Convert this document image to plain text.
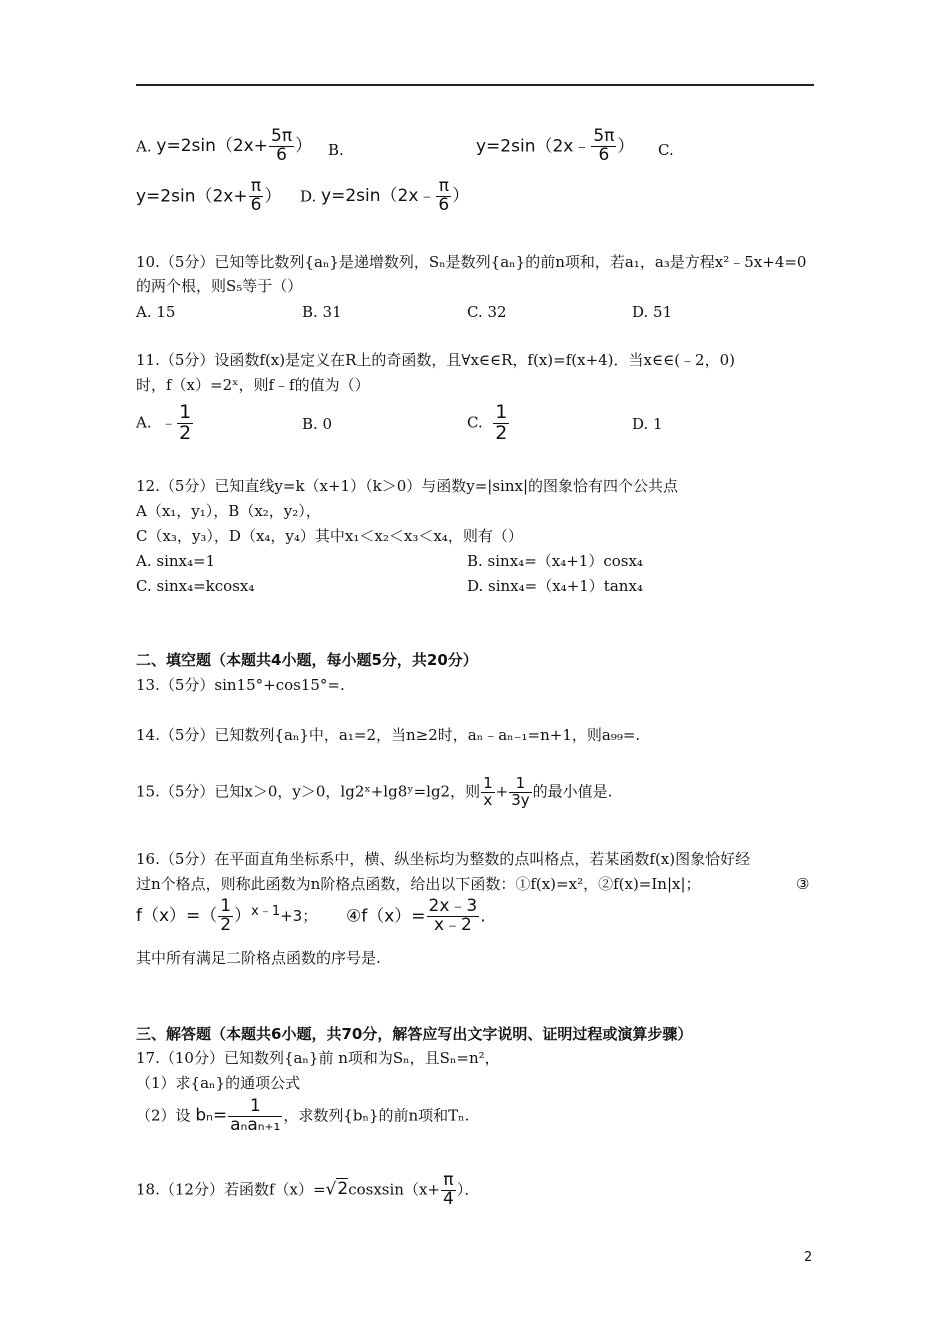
A. $y=2\sin(2x+ \frac{5\pi}{6}$ ） B.	y=2sin（2x﹣ $\frac{5\pi}{6}$ ） C.
$y=2\sin(2x+ \frac{\pi}{6}$ ） D. y=2sin（2x﹣ $\frac{\pi}{6}$ ）
10.（5分）已知等比数列{aₙ}是递增数列，Sₙ是数列{aₙ}的前n项和，若a₁，a₃是方程x²﹣5x+4=0
的两个根，则S₅等于（）
A. 15	B. 31	C. 32	D. 51
11.（5分）设函数f(x)是定义在R上的奇函数，且∀x∈∈R，f(x)=f(x+4)．当x∈∈(﹣2，0)
时，f（x）=2ˣ，则f﹣f的值为（）
A. ﹣ $\frac{1}{2}$	B. 0	C. $\frac{1}{2}$	D. 1
12.（5分）已知直线y=k（x+1）（k＞0）与函数y=|sinx|的图象恰有四个公共点
A（x₁，y₁），B（x₂，y₂），
C（x₃，y₃），D（x₄，y₄）其中x₁＜x₂＜x₃＜x₄，则有（）
A. sinx₄=1	B. sinx₄=（x₄+1）cosx₄
C. sinx₄=kcosx₄	D. sinx₄=（x₄+1）tanx₄
二、填空题（本题共4小题，每小题5分，共20分）
13.（5分）sin15°+cos15°=.
14.（5分）已知数列{aₙ}中，a₁=2，当n≥2时，aₙ﹣aₙ₋₁=n+1，则a₉₉=.
15.（5分）已知x＞0，y＞0，lg2ˣ+lg8ʸ=lg2，则 $\frac{1}{x} + \frac{1}{3y}$ 的最小值是.
16.（5分）在平面直角坐标系中，横、纵坐标均为整数的点叫格点，若某函数f(x)图象恰好经
过n个格点，则称此函数为n阶格点函数，给出以下函数：①f(x)=x²，②f(x)=In|x|；	③
$f(x)=( \frac{1}{2} )^{x﹣1}+3$； ④f（x）= $\frac{2x﹣3}{x﹣2}$ .
其中所有满足二阶格点函数的序号是.
三、解答题（本题共6小题，共70分，解答应写出文字说明、证明过程或演算步骤）
17.（10分）已知数列{aₙ}前 n项和为Sₙ，且Sₙ=n²，
（1）求{aₙ}的通项公式
（2）设 $b_n= \frac{1}{\text{aₙaₙ₊₁}}$ ，求数列{bₙ}的前n项和Tₙ.
18.（12分）若函数f（x）=√2cosxsin（x+ $\frac{\pi}{4}$ ）．
2
